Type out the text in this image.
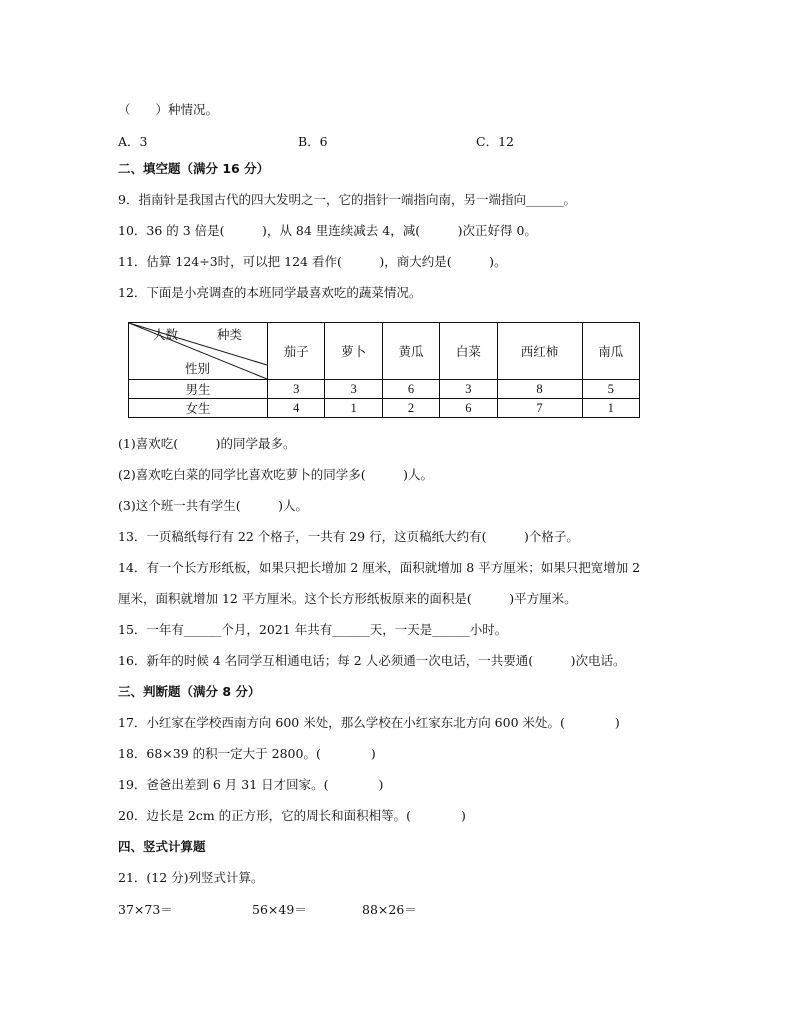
（　　）种情况。
A．3	B．6	C．12
二、填空题（满分 16 分）
9．指南针是我国古代的四大发明之一，它的指针一端指向南，另一端指向______。
10．36 的 3 倍是(　　　)，从 84 里连续减去 4，减(　　　)次正好得 0。
11．估算 124÷3时，可以把 124 看作(　　　)，商大约是(　　　)。
12．下面是小亮调查的本班同学最喜欢吃的蔬菜情况。
人数 种类
性别	茄子	萝卜	黄瓜	白菜	西红柿	南瓜
男生	3	3	6	3	8	5
女生	4	1	2	6	7	1
(1)喜欢吃(　　　)的同学最多。
(2)喜欢吃白菜的同学比喜欢吃萝卜的同学多(　　　)人。
(3)这个班一共有学生(　　　)人。
13．一页稿纸每行有 22 个格子，一共有 29 行，这页稿纸大约有(　　　)个格子。
14．有一个长方形纸板，如果只把长增加 2 厘米，面积就增加 8 平方厘米；如果只把宽增加 2
厘米，面积就增加 12 平方厘米。这个长方形纸板原来的面积是(　　　)平方厘米。
15．一年有______个月，2021 年共有______天，一天是______小时。
16．新年的时候 4 名同学互相通电话；每 2 人必须通一次电话，一共要通(　　　)次电话。
三、判断题（满分 8 分）
17．小红家在学校西南方向 600 米处，那么学校在小红家东北方向 600 米处。(　　　　)
18．68×39 的积一定大于 2800。(　　　　)
19．爸爸出差到 6 月 31 日才回家。(　　　　)
20．边长是 2cm 的正方形，它的周长和面积相等。(　　　　)
四、竖式计算题
21．(12 分)列竖式计算。
37×73＝	56×49＝	88×26＝
